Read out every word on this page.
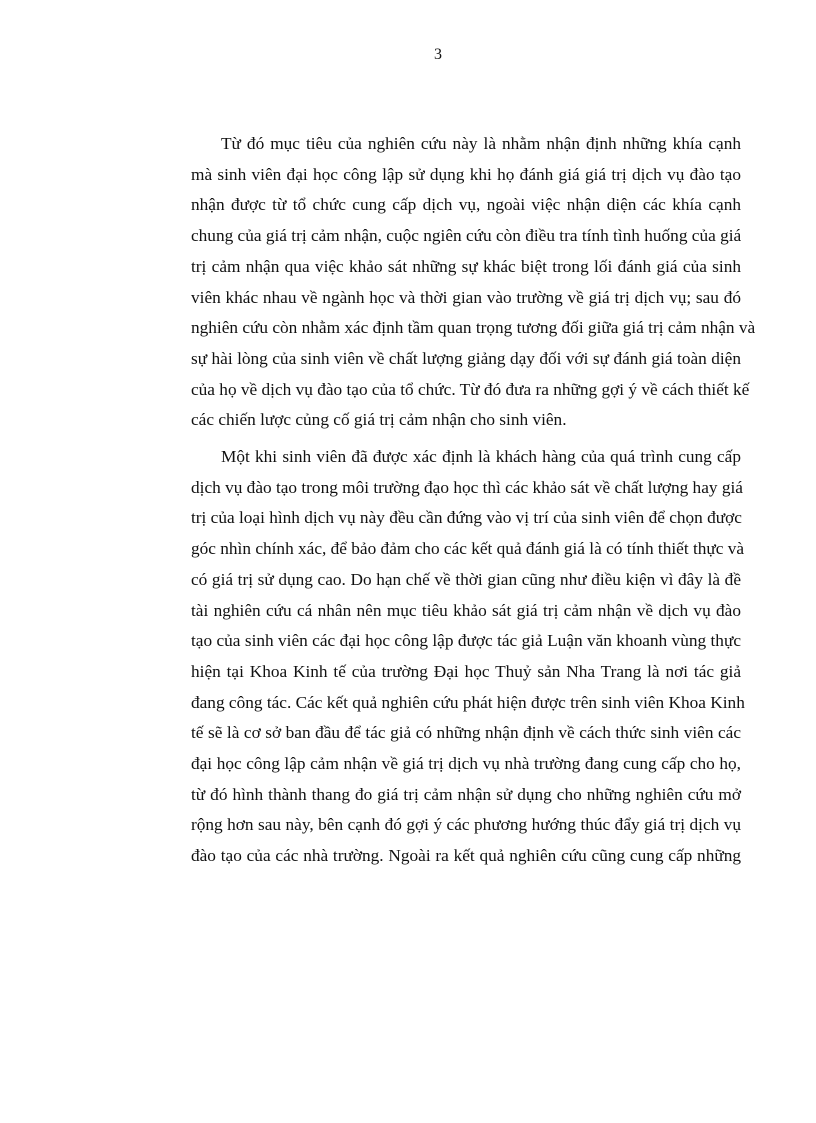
3
Từ đó mục tiêu của nghiên cứu này là nhằm nhận định những khía cạnh
mà sinh viên đại học công lập sử dụng khi họ đánh giá giá trị dịch vụ đào tạo
nhận được từ tổ chức cung cấp dịch vụ, ngoài việc nhận diện các khía cạnh
chung của giá trị cảm nhận, cuộc ngiên cứu còn điều tra tính tình huống của giá
trị cảm nhận qua việc khảo sát những sự khác biệt trong lối đánh giá của sinh
viên khác nhau về ngành học và thời gian vào trường về giá trị dịch vụ; sau đó
nghiên cứu còn nhằm xác định tầm quan trọng tương đối giữa giá trị cảm nhận và
sự hài lòng của sinh viên về chất lượng giảng dạy đối với sự đánh giá toàn diện
của họ về dịch vụ đào tạo của tổ chức. Từ đó đưa ra những gợi ý về cách thiết kế
các chiến lược củng cố giá trị cảm nhận cho sinh viên.
Một khi sinh viên đã được xác định là khách hàng của quá trình cung cấp
dịch vụ đào tạo trong môi trường đạo học thì các khảo sát về chất lượng hay giá
trị của loại hình dịch vụ này đều cần đứng vào vị trí của sinh viên để chọn được
góc nhìn chính xác, để bảo đảm cho các kết quả đánh giá là có tính thiết thực và
có giá trị sử dụng cao. Do hạn chế về thời gian cũng như điều kiện vì đây là đề
tài nghiên cứu cá nhân nên mục tiêu khảo sát giá trị cảm nhận về dịch vụ đào
tạo của sinh viên các đại học công lập được tác giả Luận văn khoanh vùng thực
hiện tại Khoa Kinh tế của trường Đại học Thuỷ sản Nha Trang là nơi tác giả
đang công tác. Các kết quả nghiên cứu phát hiện được trên sinh viên Khoa Kinh
tế sẽ là cơ sở ban đầu để tác giả có những nhận định về cách thức sinh viên các
đại học công lập cảm nhận về giá trị dịch vụ nhà trường đang cung cấp cho họ,
từ đó hình thành thang đo giá trị cảm nhận sử dụng cho những nghiên cứu mở
rộng hơn sau này, bên cạnh đó gợi ý các phương hướng thúc đẩy giá trị dịch vụ
đào tạo của các nhà trường. Ngoài ra kết quả nghiên cứu cũng cung cấp những
